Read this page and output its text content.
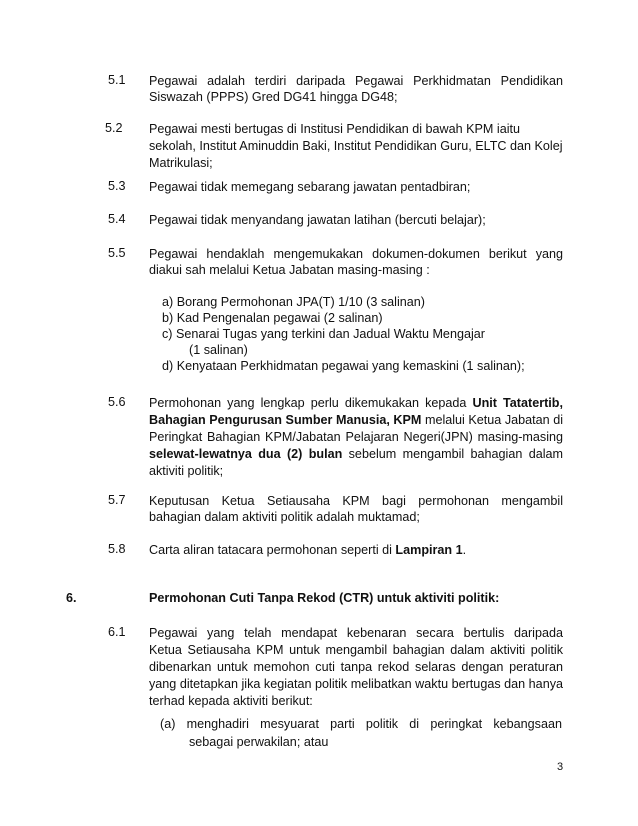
5.1 Pegawai adalah terdiri daripada Pegawai Perkhidmatan Pendidikan
Siswazah (PPPS) Gred DG41 hingga DG48;
5.2 Pegawai mesti bertugas di Institusi Pendidikan di bawah KPM iaitu
sekolah, Institut Aminuddin Baki, Institut Pendidikan Guru, ELTC dan Kolej
Matrikulasi;
5.3 Pegawai tidak memegang sebarang jawatan pentadbiran;
5.4 Pegawai tidak menyandang jawatan latihan (bercuti belajar);
5.5 Pegawai hendaklah mengemukakan dokumen-dokumen berikut yang
diakui sah melalui Ketua Jabatan masing-masing :
a) Borang Permohonan JPA(T) 1/10 (3 salinan)
b) Kad Pengenalan pegawai (2 salinan)
c) Senarai Tugas yang terkini dan Jadual Waktu Mengajar
(1 salinan)
d) Kenyataan Perkhidmatan pegawai yang kemaskini (1 salinan);
5.6 Permohonan yang lengkap perlu dikemukakan kepada Unit Tatatertib,
Bahagian Pengurusan Sumber Manusia, KPM melalui Ketua Jabatan di
Peringkat Bahagian KPM/Jabatan Pelajaran Negeri(JPN) masing-masing
selewat-lewatnya dua (2) bulan sebelum mengambil bahagian dalam
aktiviti politik;
5.7 Keputusan Ketua Setiausaha KPM bagi permohonan mengambil
bahagian dalam aktiviti politik adalah muktamad;
5.8 Carta aliran tatacara permohonan seperti di Lampiran 1.
6.	Permohonan Cuti Tanpa Rekod (CTR) untuk aktiviti politik:
6.1 Pegawai yang telah mendapat kebenaran secara bertulis daripada
Ketua Setiausaha KPM untuk mengambil bahagian dalam aktiviti politik
dibenarkan untuk memohon cuti tanpa rekod selaras dengan peraturan
yang ditetapkan jika kegiatan politik melibatkan waktu bertugas dan hanya
terhad kepada aktiviti berikut:
(a) menghadiri mesyuarat parti politik di peringkat kebangsaan
sebagai perwakilan; atau
3
